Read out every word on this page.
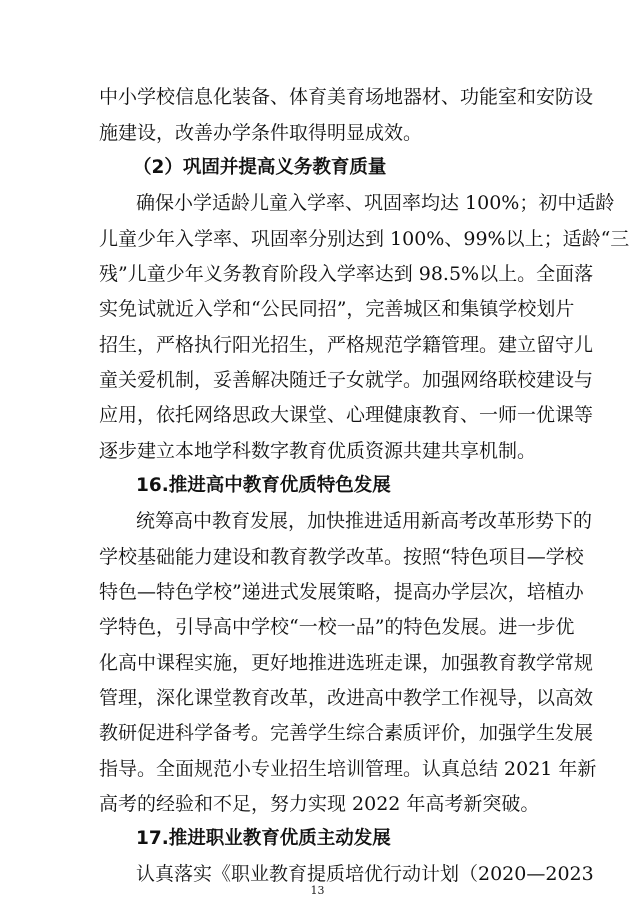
中小学校信息化装备、体育美育场地器材、功能室和安防设
施建设，改善办学条件取得明显成效。
（2）巩固并提高义务教育质量
确保小学适龄儿童入学率、巩固率均达 100%；初中适龄
儿童少年入学率、巩固率分别达到 100%、99%以上；适龄“三
残”儿童少年义务教育阶段入学率达到 98.5%以上。全面落
实免试就近入学和“公民同招”，完善城区和集镇学校划片
招生，严格执行阳光招生，严格规范学籍管理。建立留守儿
童关爱机制，妥善解决随迁子女就学。加强网络联校建设与
应用，依托网络思政大课堂、心理健康教育、一师一优课等
逐步建立本地学科数字教育优质资源共建共享机制。
16.推进高中教育优质特色发展
统筹高中教育发展，加快推进适用新高考改革形势下的
学校基础能力建设和教育教学改革。按照“特色项目—学校
特色—特色学校”递进式发展策略，提高办学层次，培植办
学特色，引导高中学校“一校一品”的特色发展。进一步优
化高中课程实施，更好地推进选班走课，加强教育教学常规
管理，深化课堂教育改革，改进高中教学工作视导，以高效
教研促进科学备考。完善学生综合素质评价，加强学生发展
指导。全面规范小专业招生培训管理。认真总结 2021 年新
高考的经验和不足，努力实现 2022 年高考新突破。
17.推进职业教育优质主动发展
认真落实《职业教育提质培优行动计划（2020—2023
13
